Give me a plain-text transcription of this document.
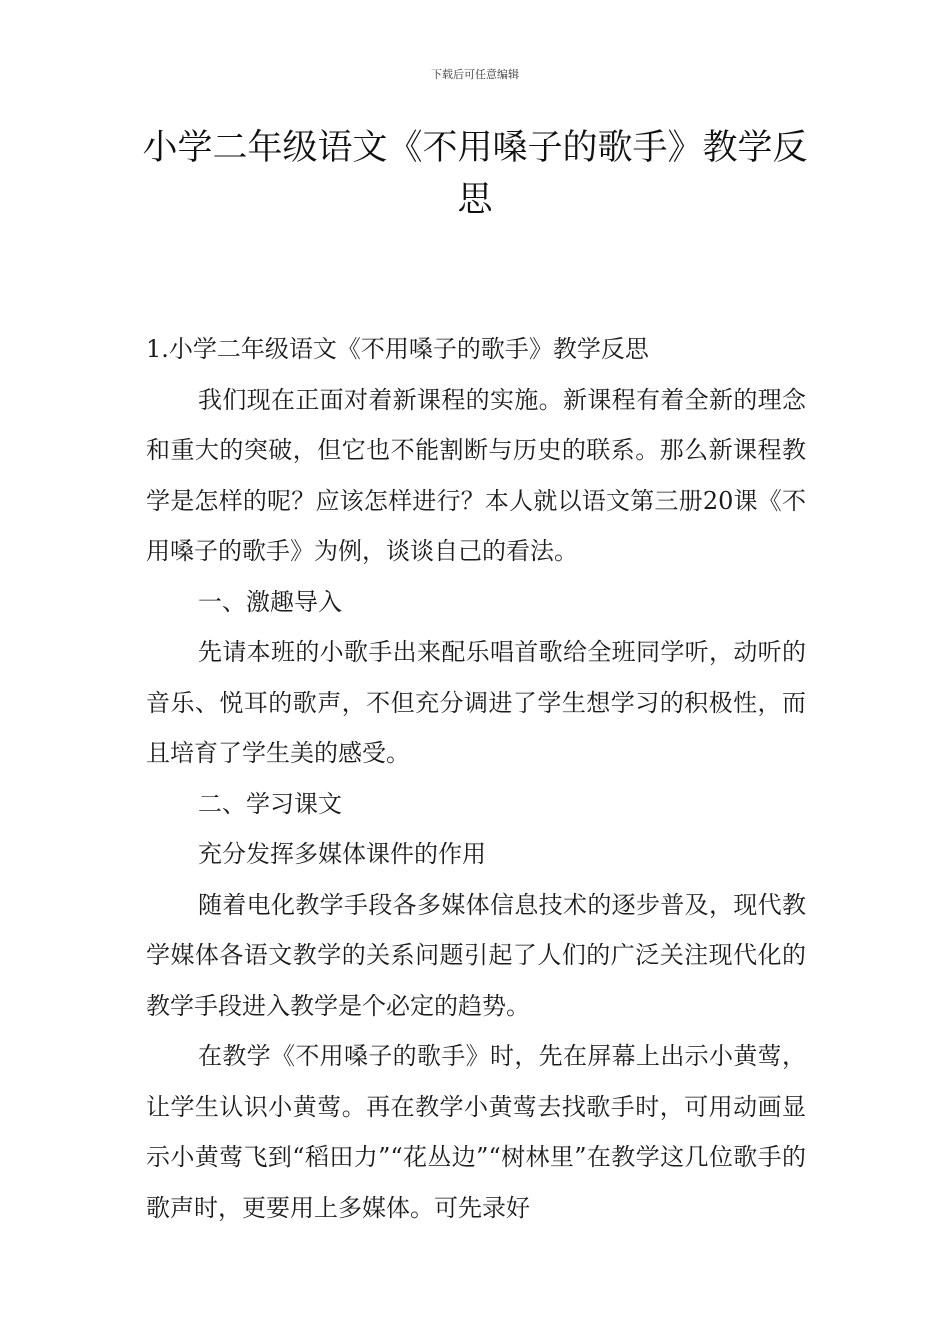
下载后可任意编辑
小学二年级语文《不用嗓子的歌手》教学反思

1.小学二年级语文《不用嗓子的歌手》教学反思

我们现在正面对着新课程的实施。新课程有着全新的理念和重大的突破，但它也不能割断与历史的联系。那么新课程教学是怎样的呢？应该怎样进行？本人就以语文第三册20课《不用嗓子的歌手》为例，谈谈自己的看法。

一、激趣导入

先请本班的小歌手出来配乐唱首歌给全班同学听，动听的音乐、悦耳的歌声，不但充分调进了学生想学习的积极性，而且培育了学生美的感受。

二、学习课文

充分发挥多媒体课件的作用

随着电化教学手段各多媒体信息技术的逐步普及，现代教学媒体各语文教学的关系问题引起了人们的广泛关注现代化的教学手段进入教学是个必定的趋势。

在教学《不用嗓子的歌手》时，先在屏幕上出示小黄莺，让学生认识小黄莺。再在教学小黄莺去找歌手时，可用动画显示小黄莺飞到“稻田力”“花丛边”“树林里”在教学这几位歌手的歌声时，更要用上多媒体。可先录好
